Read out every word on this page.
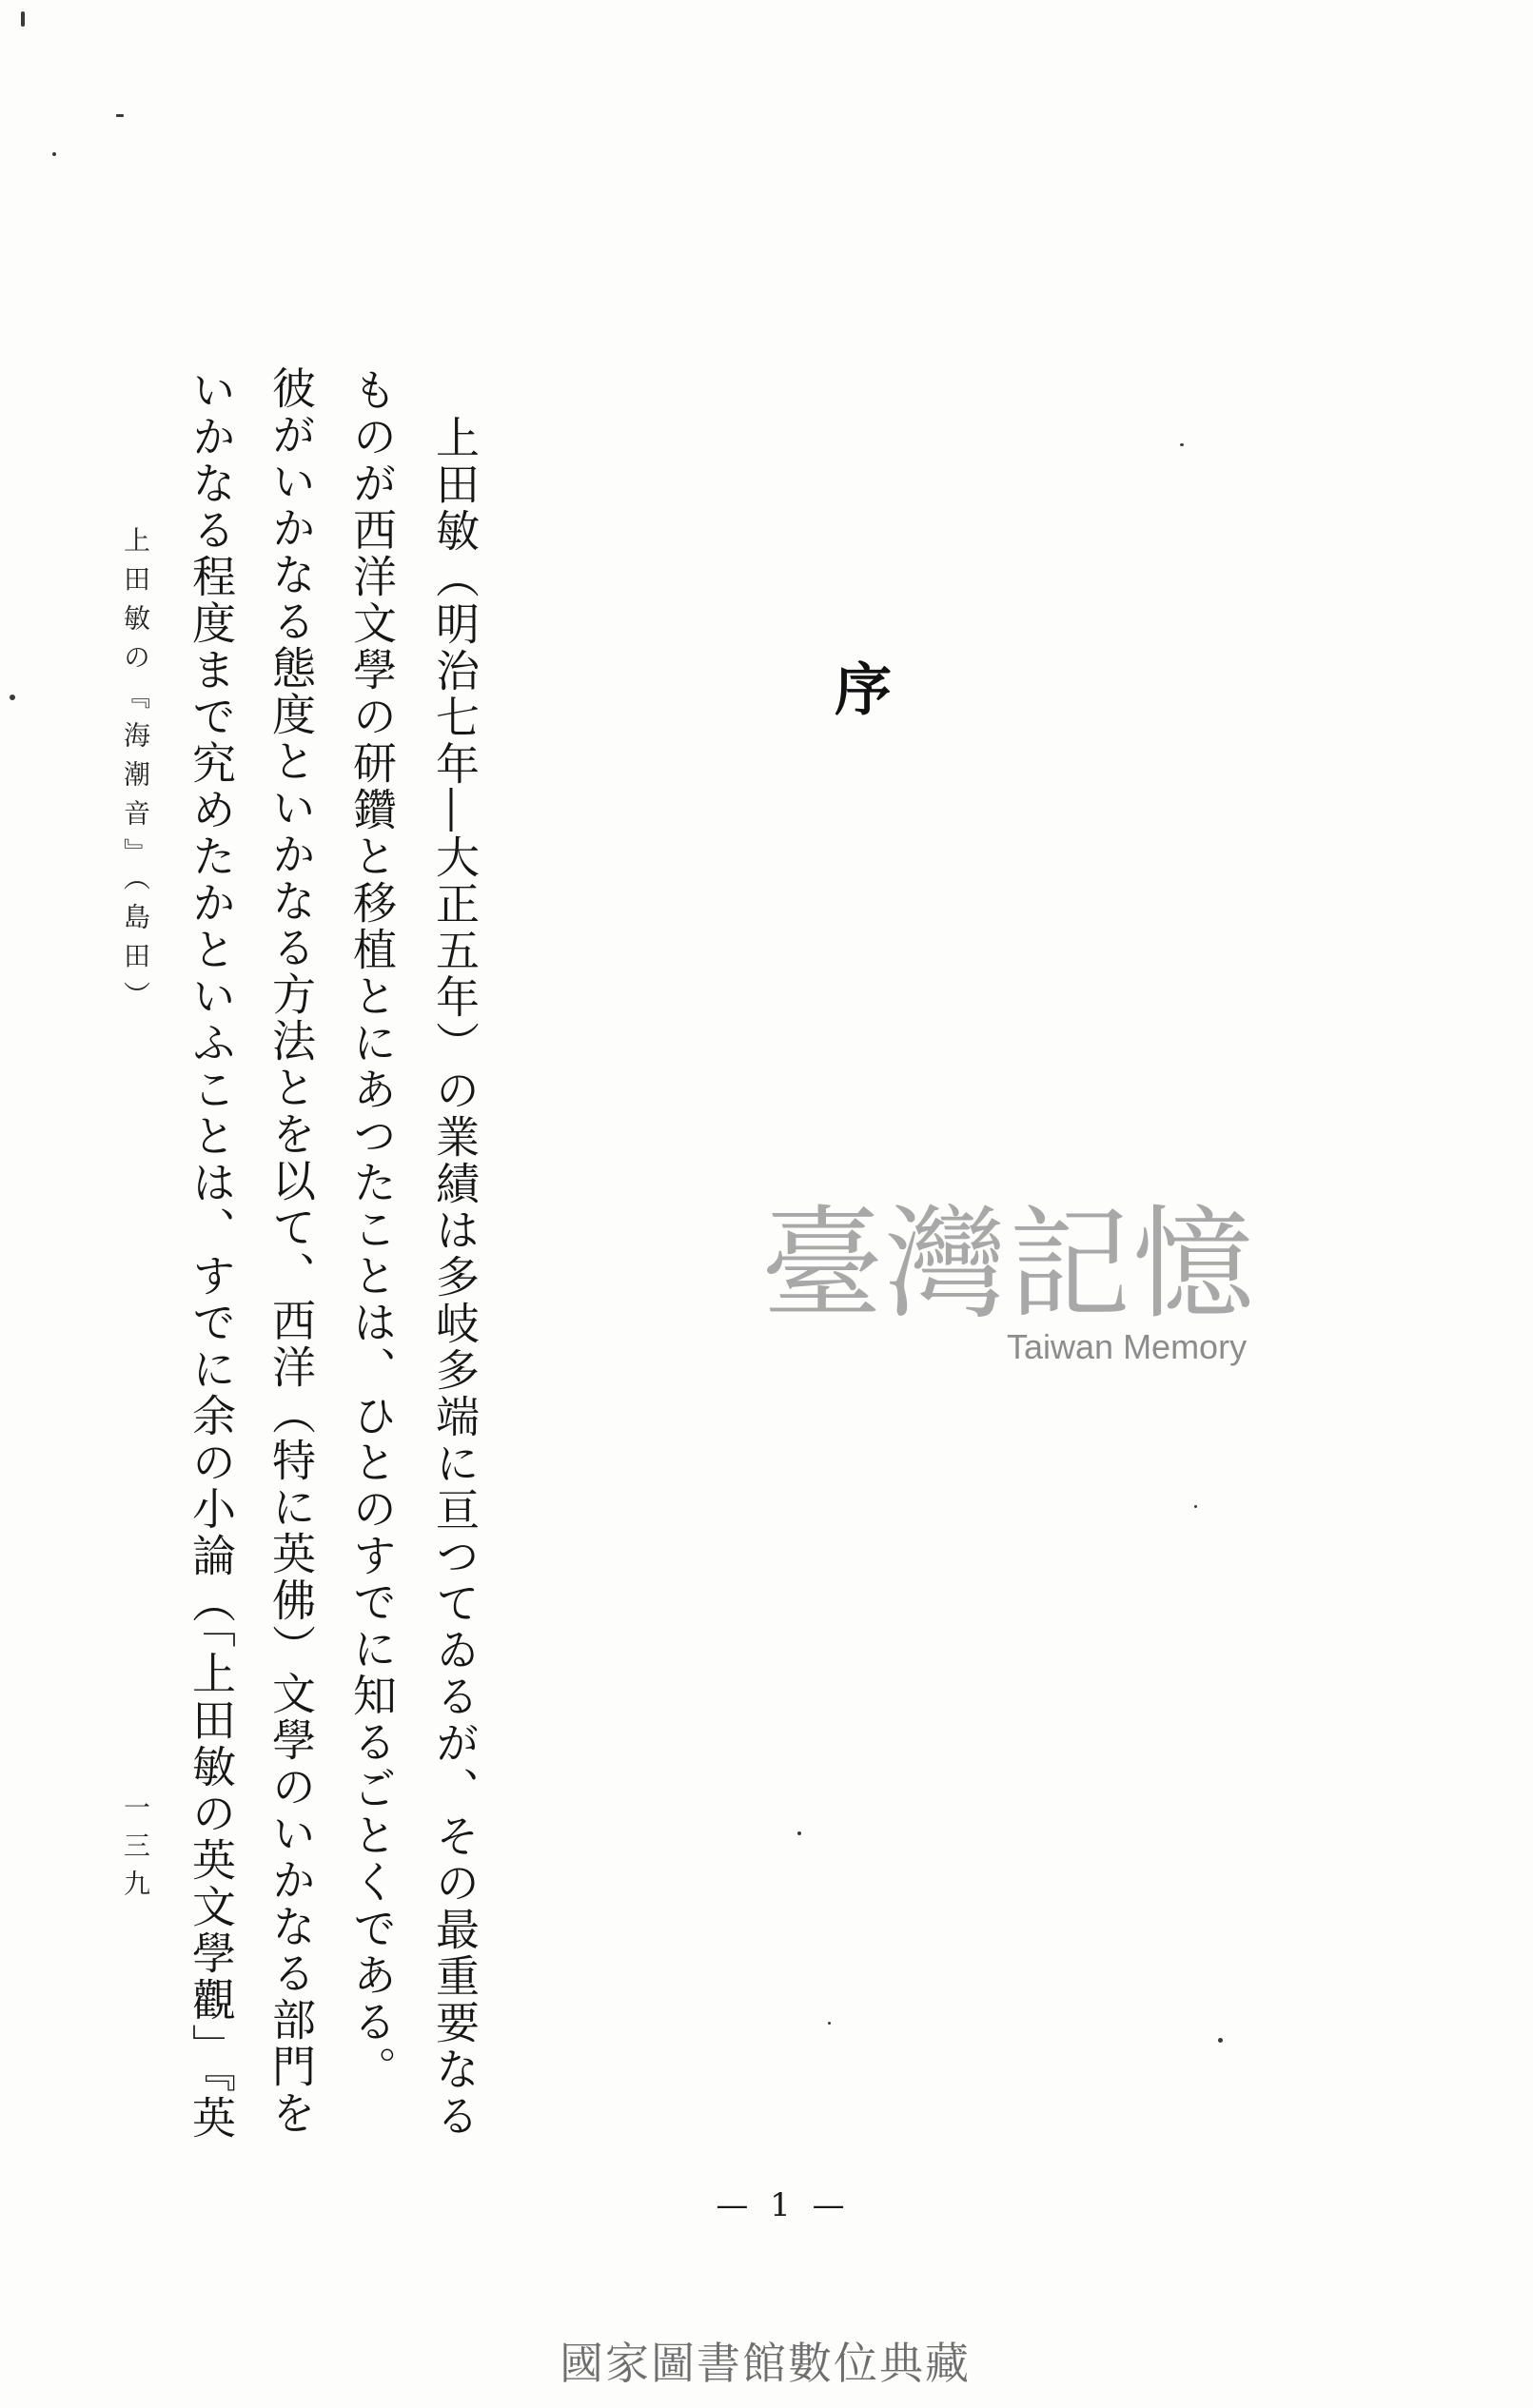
上田敏（明治七年―大正五年）の業績は多岐多端に亘つてゐるが、その最重要なる
ものが西洋文學の研鑽と移植とにあつたことは、ひとのすでに知るごとくである。
彼がいかなる態度といかなる方法とを以て、西洋（特に英佛）文學のいかなる部門を
いかなる程度まで究めたかといふことは、すでに余の小論（「上田敏の英文學觀」『英
上田敏の『海潮音』（島田）
一三九
序
臺灣記憶
Taiwan Memory
— 1 —
國家圖書館數位典藏
